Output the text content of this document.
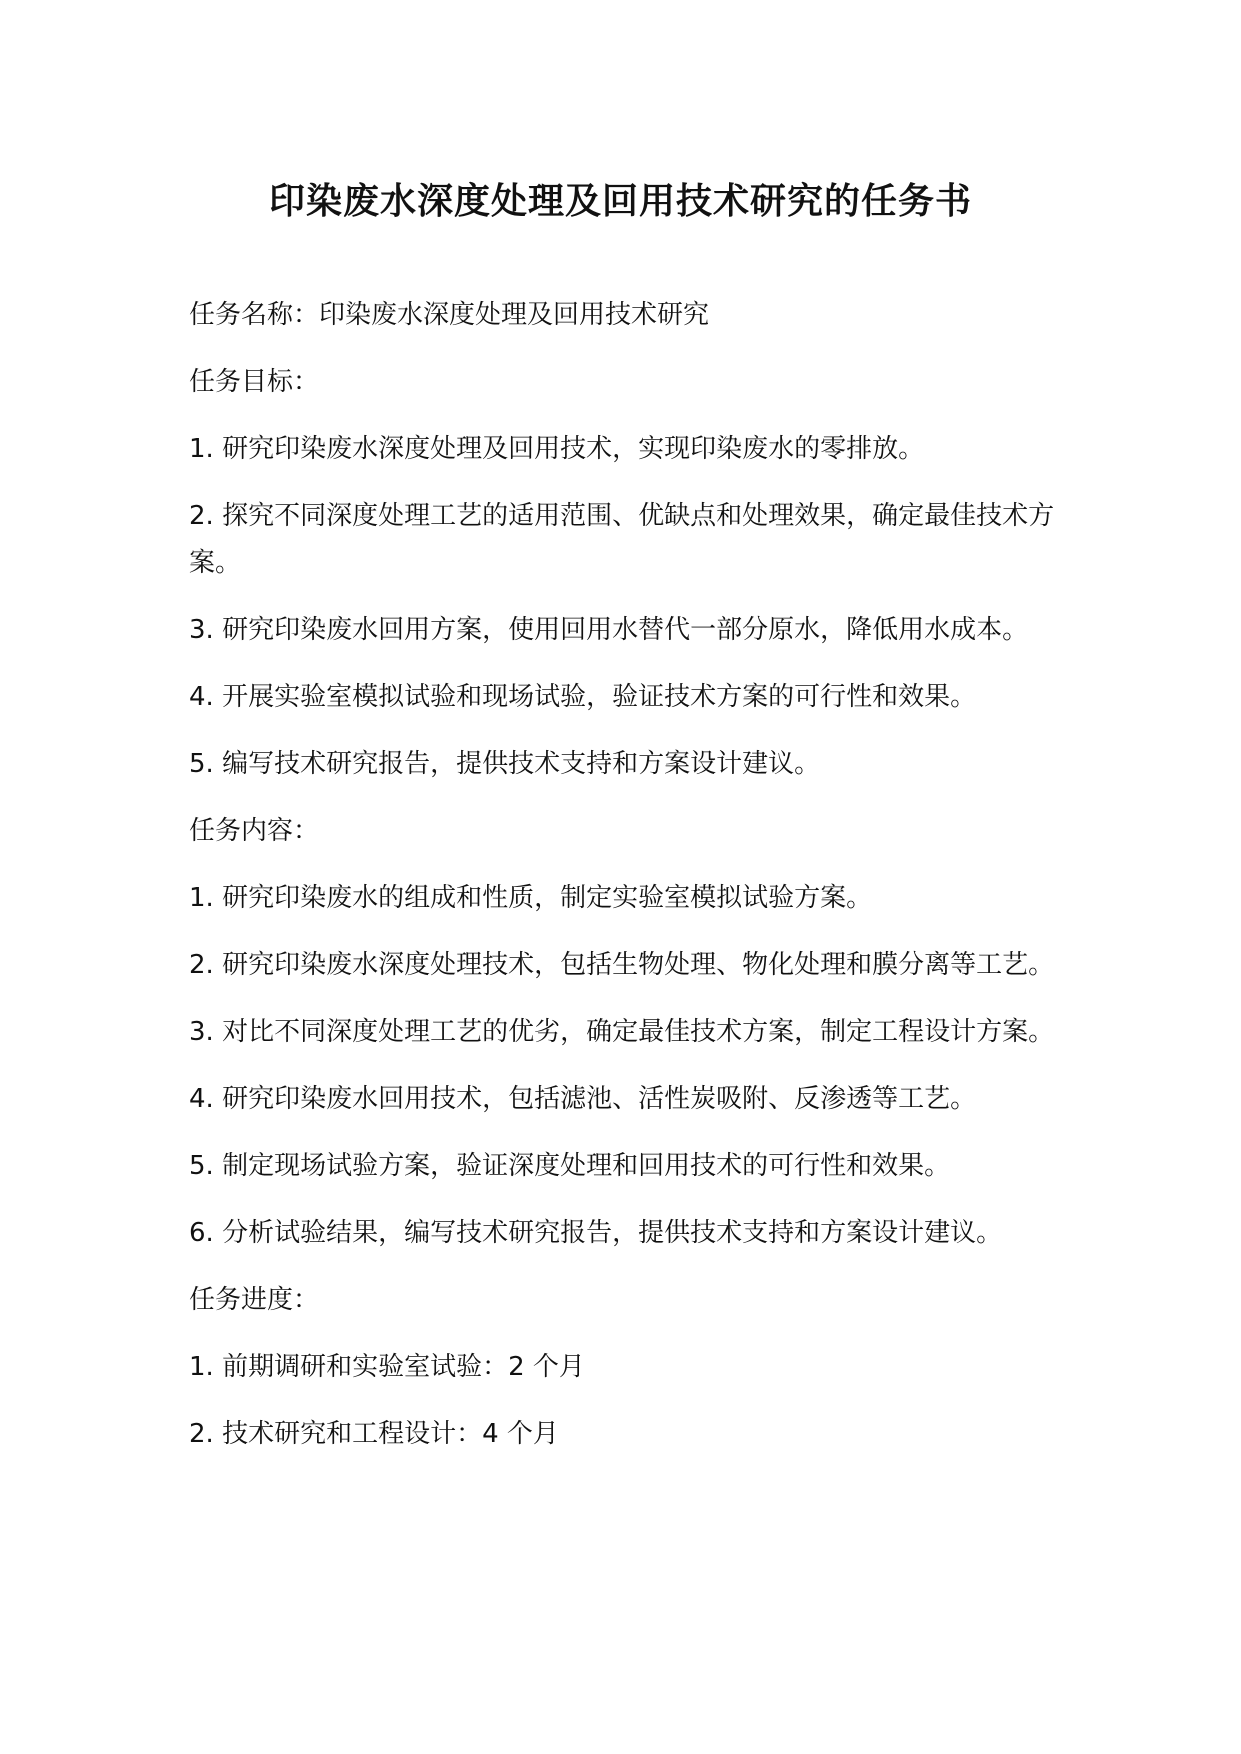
印染废水深度处理及回用技术研究的任务书

任务名称：印染废水深度处理及回用技术研究

任务目标：

1. 研究印染废水深度处理及回用技术，实现印染废水的零排放。

2. 探究不同深度处理工艺的适用范围、优缺点和处理效果，确定最佳技术方案。

3. 研究印染废水回用方案，使用回用水替代一部分原水，降低用水成本。

4. 开展实验室模拟试验和现场试验，验证技术方案的可行性和效果。

5. 编写技术研究报告，提供技术支持和方案设计建议。

任务内容：

1. 研究印染废水的组成和性质，制定实验室模拟试验方案。

2. 研究印染废水深度处理技术，包括生物处理、物化处理和膜分离等工艺。

3. 对比不同深度处理工艺的优劣，确定最佳技术方案，制定工程设计方案。

4. 研究印染废水回用技术，包括滤池、活性炭吸附、反渗透等工艺。

5. 制定现场试验方案，验证深度处理和回用技术的可行性和效果。

6. 分析试验结果，编写技术研究报告，提供技术支持和方案设计建议。

任务进度：

1. 前期调研和实验室试验：2 个月

2. 技术研究和工程设计：4 个月
